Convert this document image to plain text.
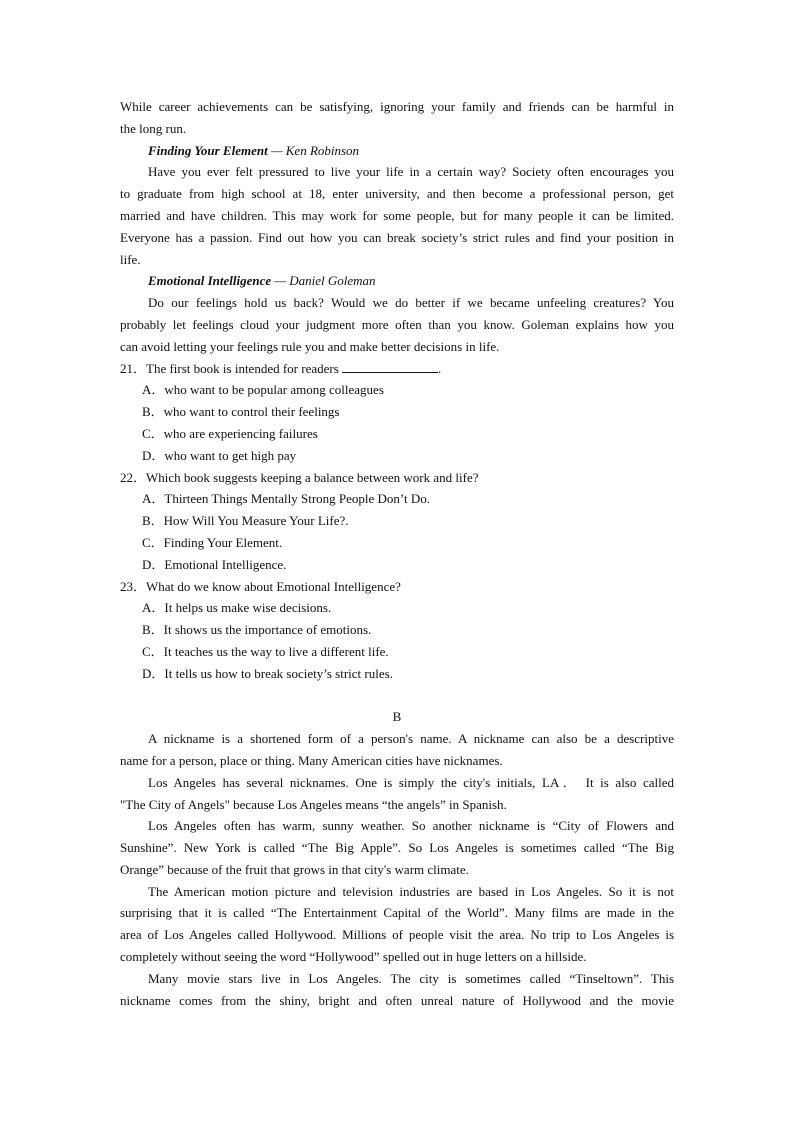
While career achievements can be satisfying, ignoring your family and friends can be harmful in

the long run.

Finding Your Element — Ken Robinson

Have you ever felt pressured to live your life in a certain way? Society often encourages you

to graduate from high school at 18, enter university, and then become a professional person, get

married and have children. This may work for some people, but for many people it can be limited.

Everyone has a passion. Find out how you can break society’s strict rules and find your position in

life.

Emotional Intelligence — Daniel Goleman

Do our feelings hold us back? Would we do better if we became unfeeling creatures? You

probably let feelings cloud your judgment more often than you know. Goleman explains how you

can avoid letting your feelings rule you and make better decisions in life.

21．The first book is intended for readers	.

A．who want to be popular among colleagues

B．who want to control their feelings

C．who are experiencing failures

D．who want to get high pay

22．Which book suggests keeping a balance between work and life?

A．Thirteen Things Mentally Strong People Don’t Do.

B．How Will You Measure Your Life?.

C．Finding Your Element.

D．Emotional Intelligence.

23．What do we know about Emotional Intelligence?

A．It helps us make wise decisions.

B．It shows us the importance of emotions.

C．It teaches us the way to live a different life.

D．It tells us how to break society’s strict rules.

B

A nickname is a shortened form of a person's name. A nickname can also be a descriptive

name for a person, place or thing. Many American cities have nicknames.

Los Angeles has several nicknames. One is simply the city's initials, LA． It is also called

"The City of Angels" because Los Angeles means “the angels” in Spanish.

Los Angeles often has warm, sunny weather. So another nickname is “City of Flowers and

Sunshine”. New York is called “The Big Apple”. So Los Angeles is sometimes called “The Big

Orange” because of the fruit that grows in that city's warm climate.

The American motion picture and television industries are based in Los Angeles. So it is not

surprising that it is called “The Entertainment Capital of the World”. Many films are made in the

area of Los Angeles called Hollywood. Millions of people visit the area. No trip to Los Angeles is

completely without seeing the word “Hollywood” spelled out in huge letters on a hillside.

Many movie stars live in Los Angeles. The city is sometimes called “Tinseltown”. This

nickname comes from the shiny, bright and often unreal nature of Hollywood and the movie
